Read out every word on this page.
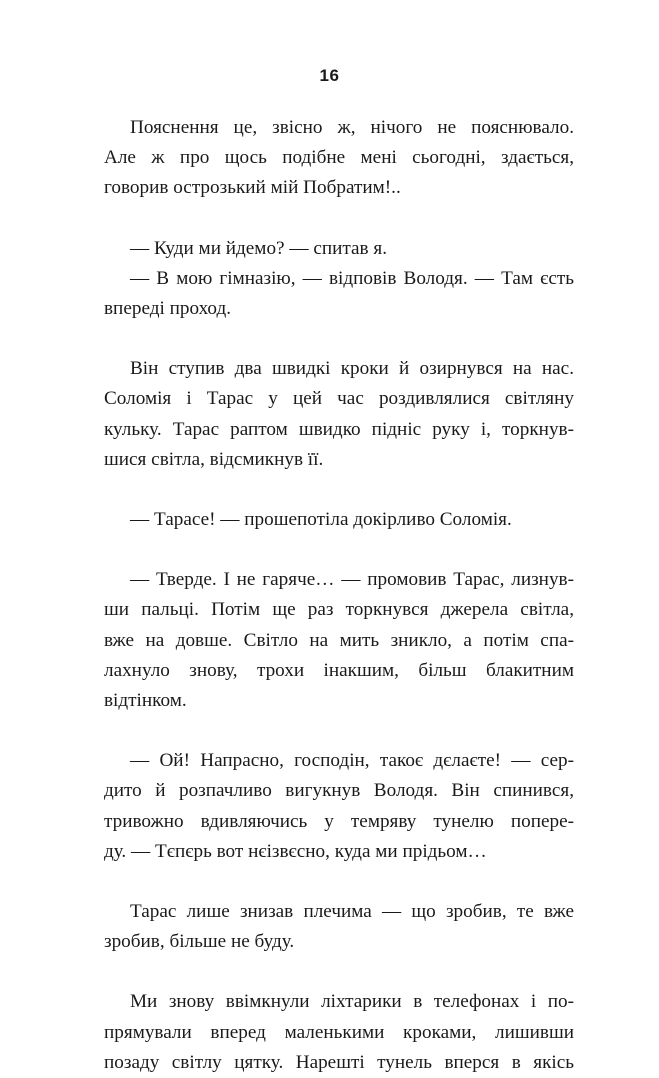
16
Пояснення це, звісно ж, нічого не пояснювало.
Але ж про щось подібне мені сьогодні, здається,
говорив острозький мій Побратим!..
— Куди ми йдемо? — спитав я.
— В мою гімназію, — відповів Володя. — Там єсть
впереді проход.
Він ступив два швидкі кроки й озирнувся на нас.
Соломія і Тарас у цей час роздивлялися світляну
кульку. Тарас раптом швидко підніс руку і, торкнув-
шися світла, відсмикнув її.
— Тарасе! — прошепотіла докірливо Соломія.
— Тверде. І не гаряче… — промовив Тарас, лизнув-
ши пальці. Потім ще раз торкнувся джерела світла,
вже на довше. Світло на мить зникло, а потім спа-
лахнуло знову, трохи інакшим, більш блакитним
відтінком.
— Ой! Напрасно, господін, такоє дєлаєте! — сер-
дито й розпачливо вигукнув Володя. Він спинився,
тривожно вдивляючись у темряву тунелю попере-
ду. — Тєпєрь вот нєізвєсно, куда ми прідьом…
Тарас лише знизав плечима — що зробив, те вже
зробив, більше не буду.
Ми знову ввімкнули ліхтарики в телефонах і по-
прямували вперед маленькими кроками, лишивши
позаду світлу цятку. Нарешті тунель вперся в якісь
